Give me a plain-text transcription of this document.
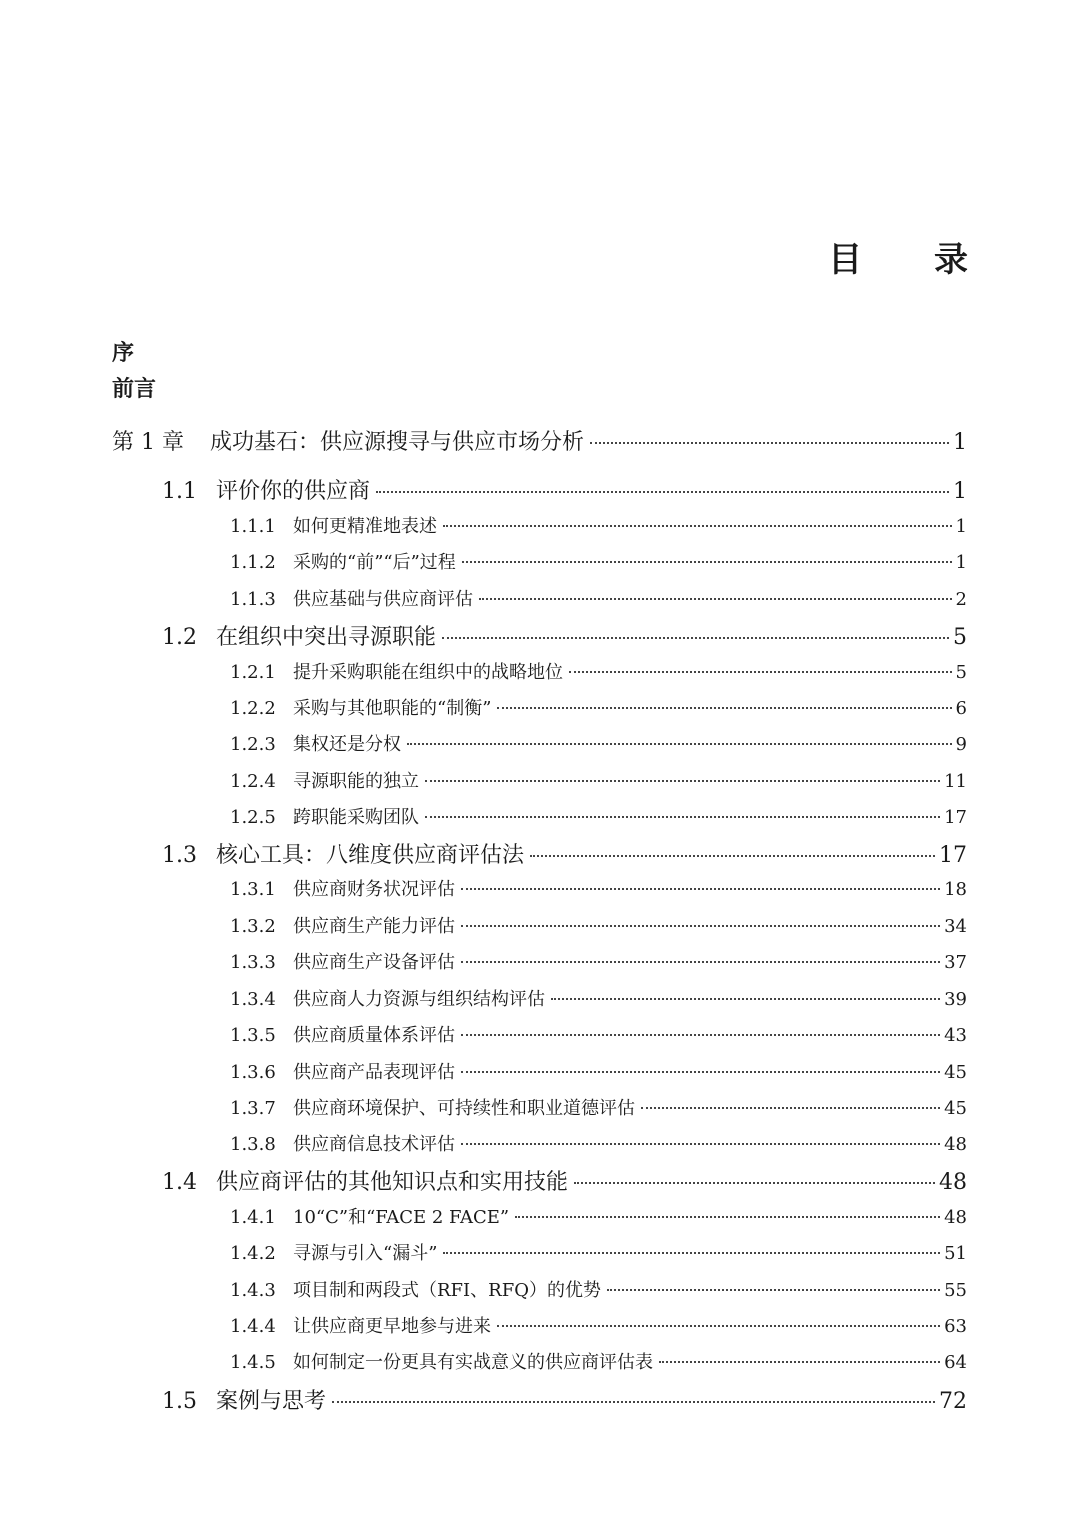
目 录
序
前言
第 1 章	成功基石：供应源搜寻与供应市场分析	1
1.1 评价你的供应商	1
1.1.1 如何更精准地表述	1
1.1.2 采购的“前”“后”过程	1
1.1.3 供应基础与供应商评估	2
1.2 在组织中突出寻源职能	5
1.2.1 提升采购职能在组织中的战略地位	5
1.2.2 采购与其他职能的“制衡”	6
1.2.3 集权还是分权	9
1.2.4 寻源职能的独立	11
1.2.5 跨职能采购团队	17
1.3 核心工具：八维度供应商评估法	17
1.3.1 供应商财务状况评估	18
1.3.2 供应商生产能力评估	34
1.3.3 供应商生产设备评估	37
1.3.4 供应商人力资源与组织结构评估	39
1.3.5 供应商质量体系评估	43
1.3.6 供应商产品表现评估	45
1.3.7 供应商环境保护、可持续性和职业道德评估	45
1.3.8 供应商信息技术评估	48
1.4 供应商评估的其他知识点和实用技能	48
1.4.1 10“C”和“FACE 2 FACE”	48
1.4.2 寻源与引入“漏斗”	51
1.4.3 项目制和两段式（RFI、RFQ）的优势	55
1.4.4 让供应商更早地参与进来	63
1.4.5 如何制定一份更具有实战意义的供应商评估表	64
1.5 案例与思考	72
